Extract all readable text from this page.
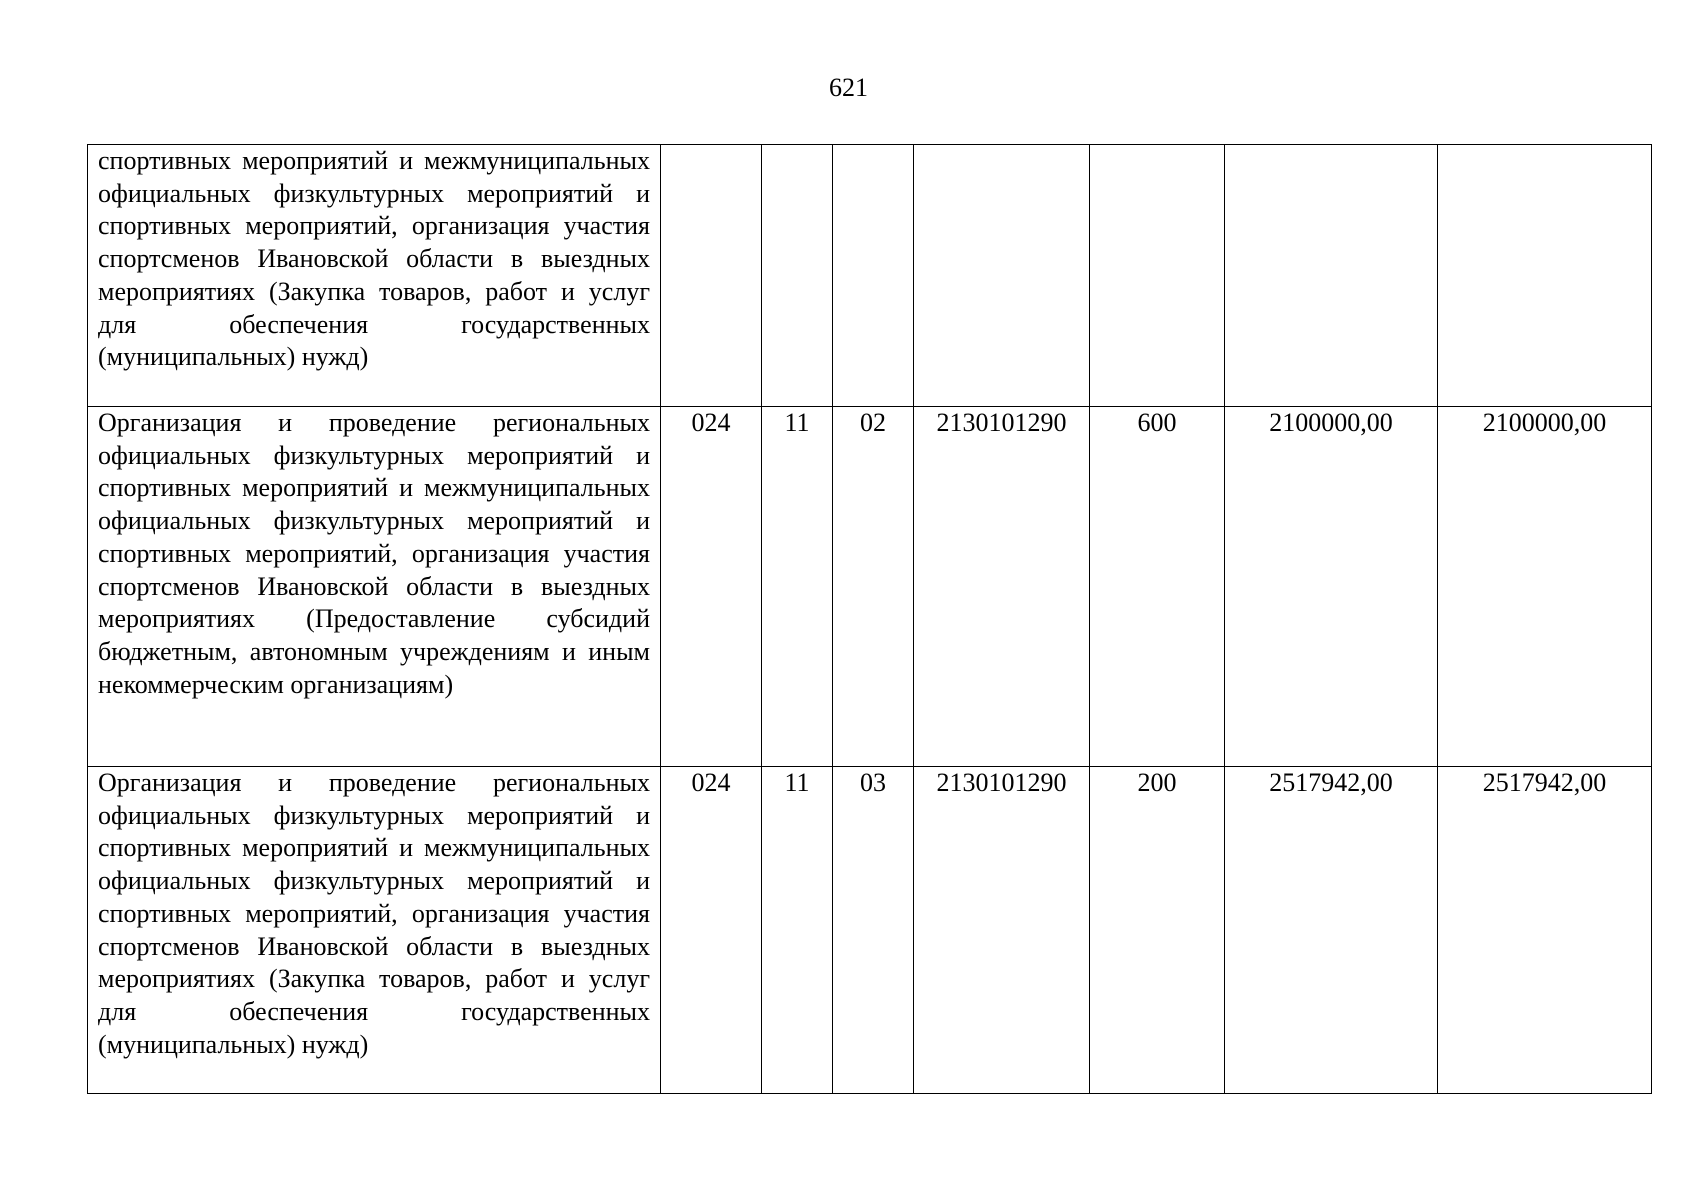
621
спортивных мероприятий и межмуниципальных официальных физкультурных мероприятий и спортивных мероприятий, организация участия спортсменов Ивановской области в выездных мероприятиях (Закупка товаров, работ и услуг для обеспечения государственных (муниципальных) нужд)							

Организация и проведение региональных официальных физкультурных мероприятий и спортивных мероприятий и межмуниципальных официальных физкультурных мероприятий и спортивных мероприятий, организация участия спортсменов Ивановской области в выездных мероприятиях (Предоставление субсидий бюджетным, автономным учреждениям и иным некоммерческим организациям)	024	11	02	2130101290	600	2100000,00	2100000,00

Организация и проведение региональных официальных физкультурных мероприятий и спортивных мероприятий и межмуниципальных официальных физкультурных мероприятий и спортивных мероприятий, организация участия спортсменов Ивановской области в выездных мероприятиях (Закупка товаров, работ и услуг для обеспечения государственных (муниципальных) нужд)	024	11	03	2130101290	200	2517942,00	2517942,00
